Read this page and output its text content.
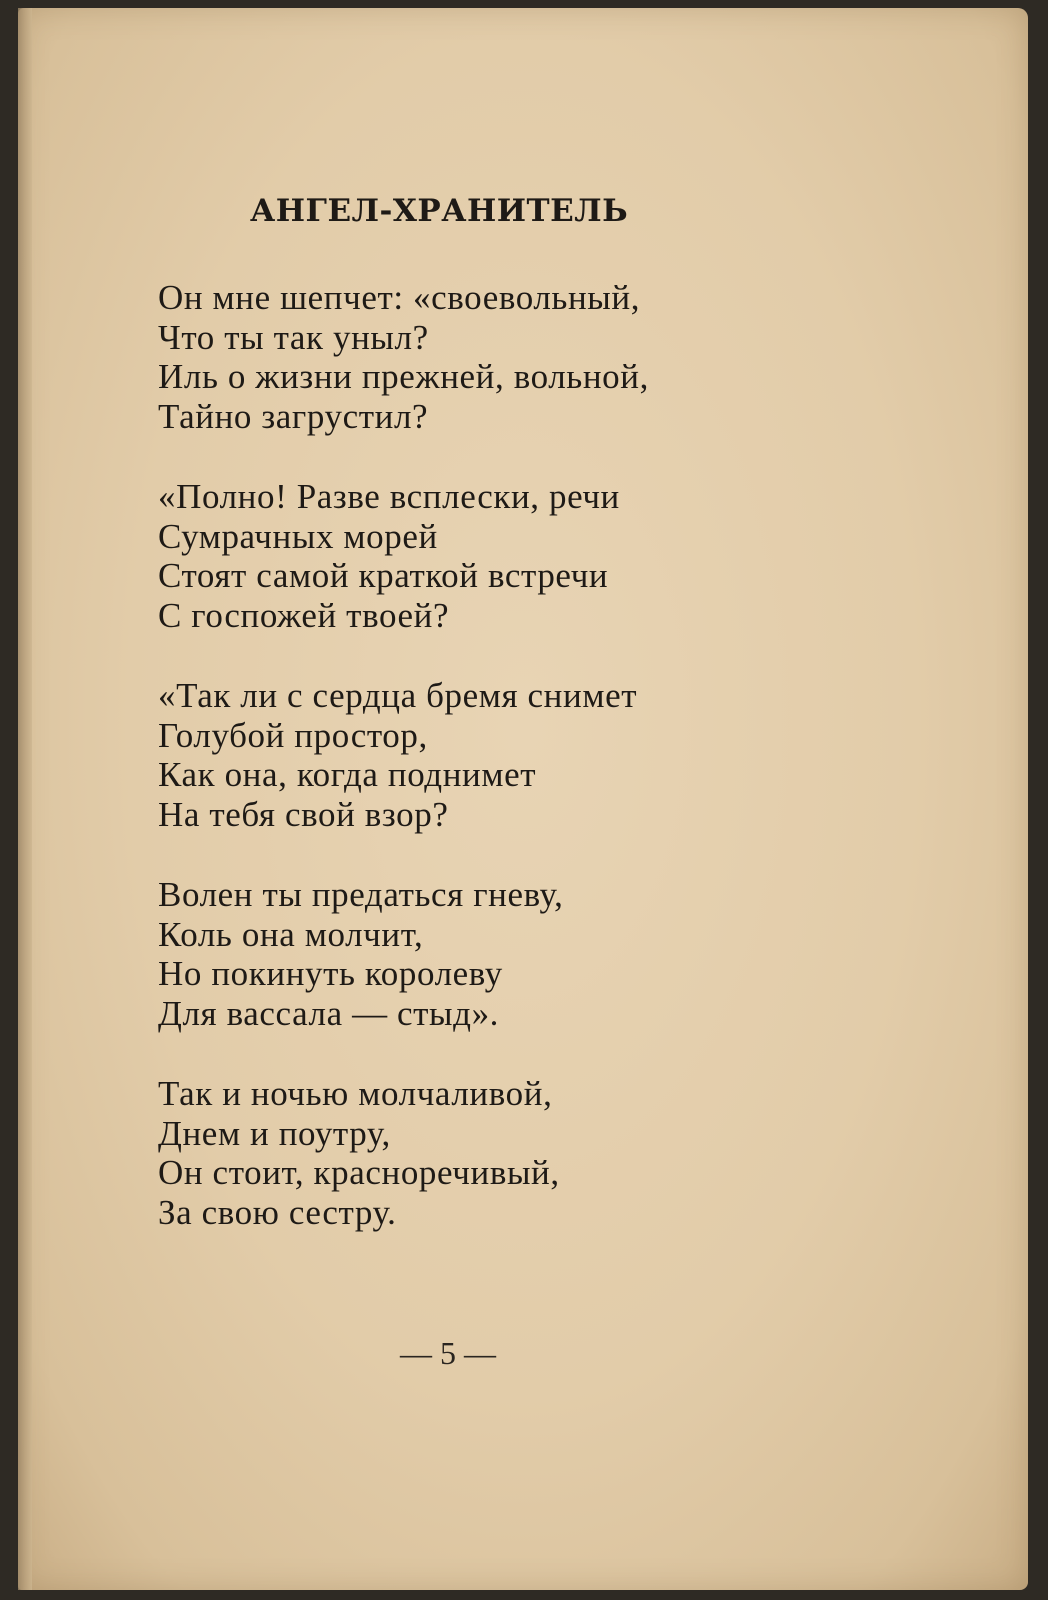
АНГЕЛ-ХРАНИТЕЛЬ
Он мне шепчет: «своевольный,
Что ты так уныл?
Иль о жизни прежней, вольной,
Тайно загрустил?
«Полно! Разве всплески, речи
Сумрачных морей
Стоят самой краткой встречи
С госпожей твоей?
«Так ли с сердца бремя снимет
Голубой простор,
Как она, когда поднимет
На тебя свой взор?
Волен ты предаться гневу,
Коль она молчит,
Но покинуть королеву
Для вассала — стыд».
Так и ночью молчаливой,
Днем и поутру,
Он стоит, красноречивый,
За свою сестру.
— 5 —
